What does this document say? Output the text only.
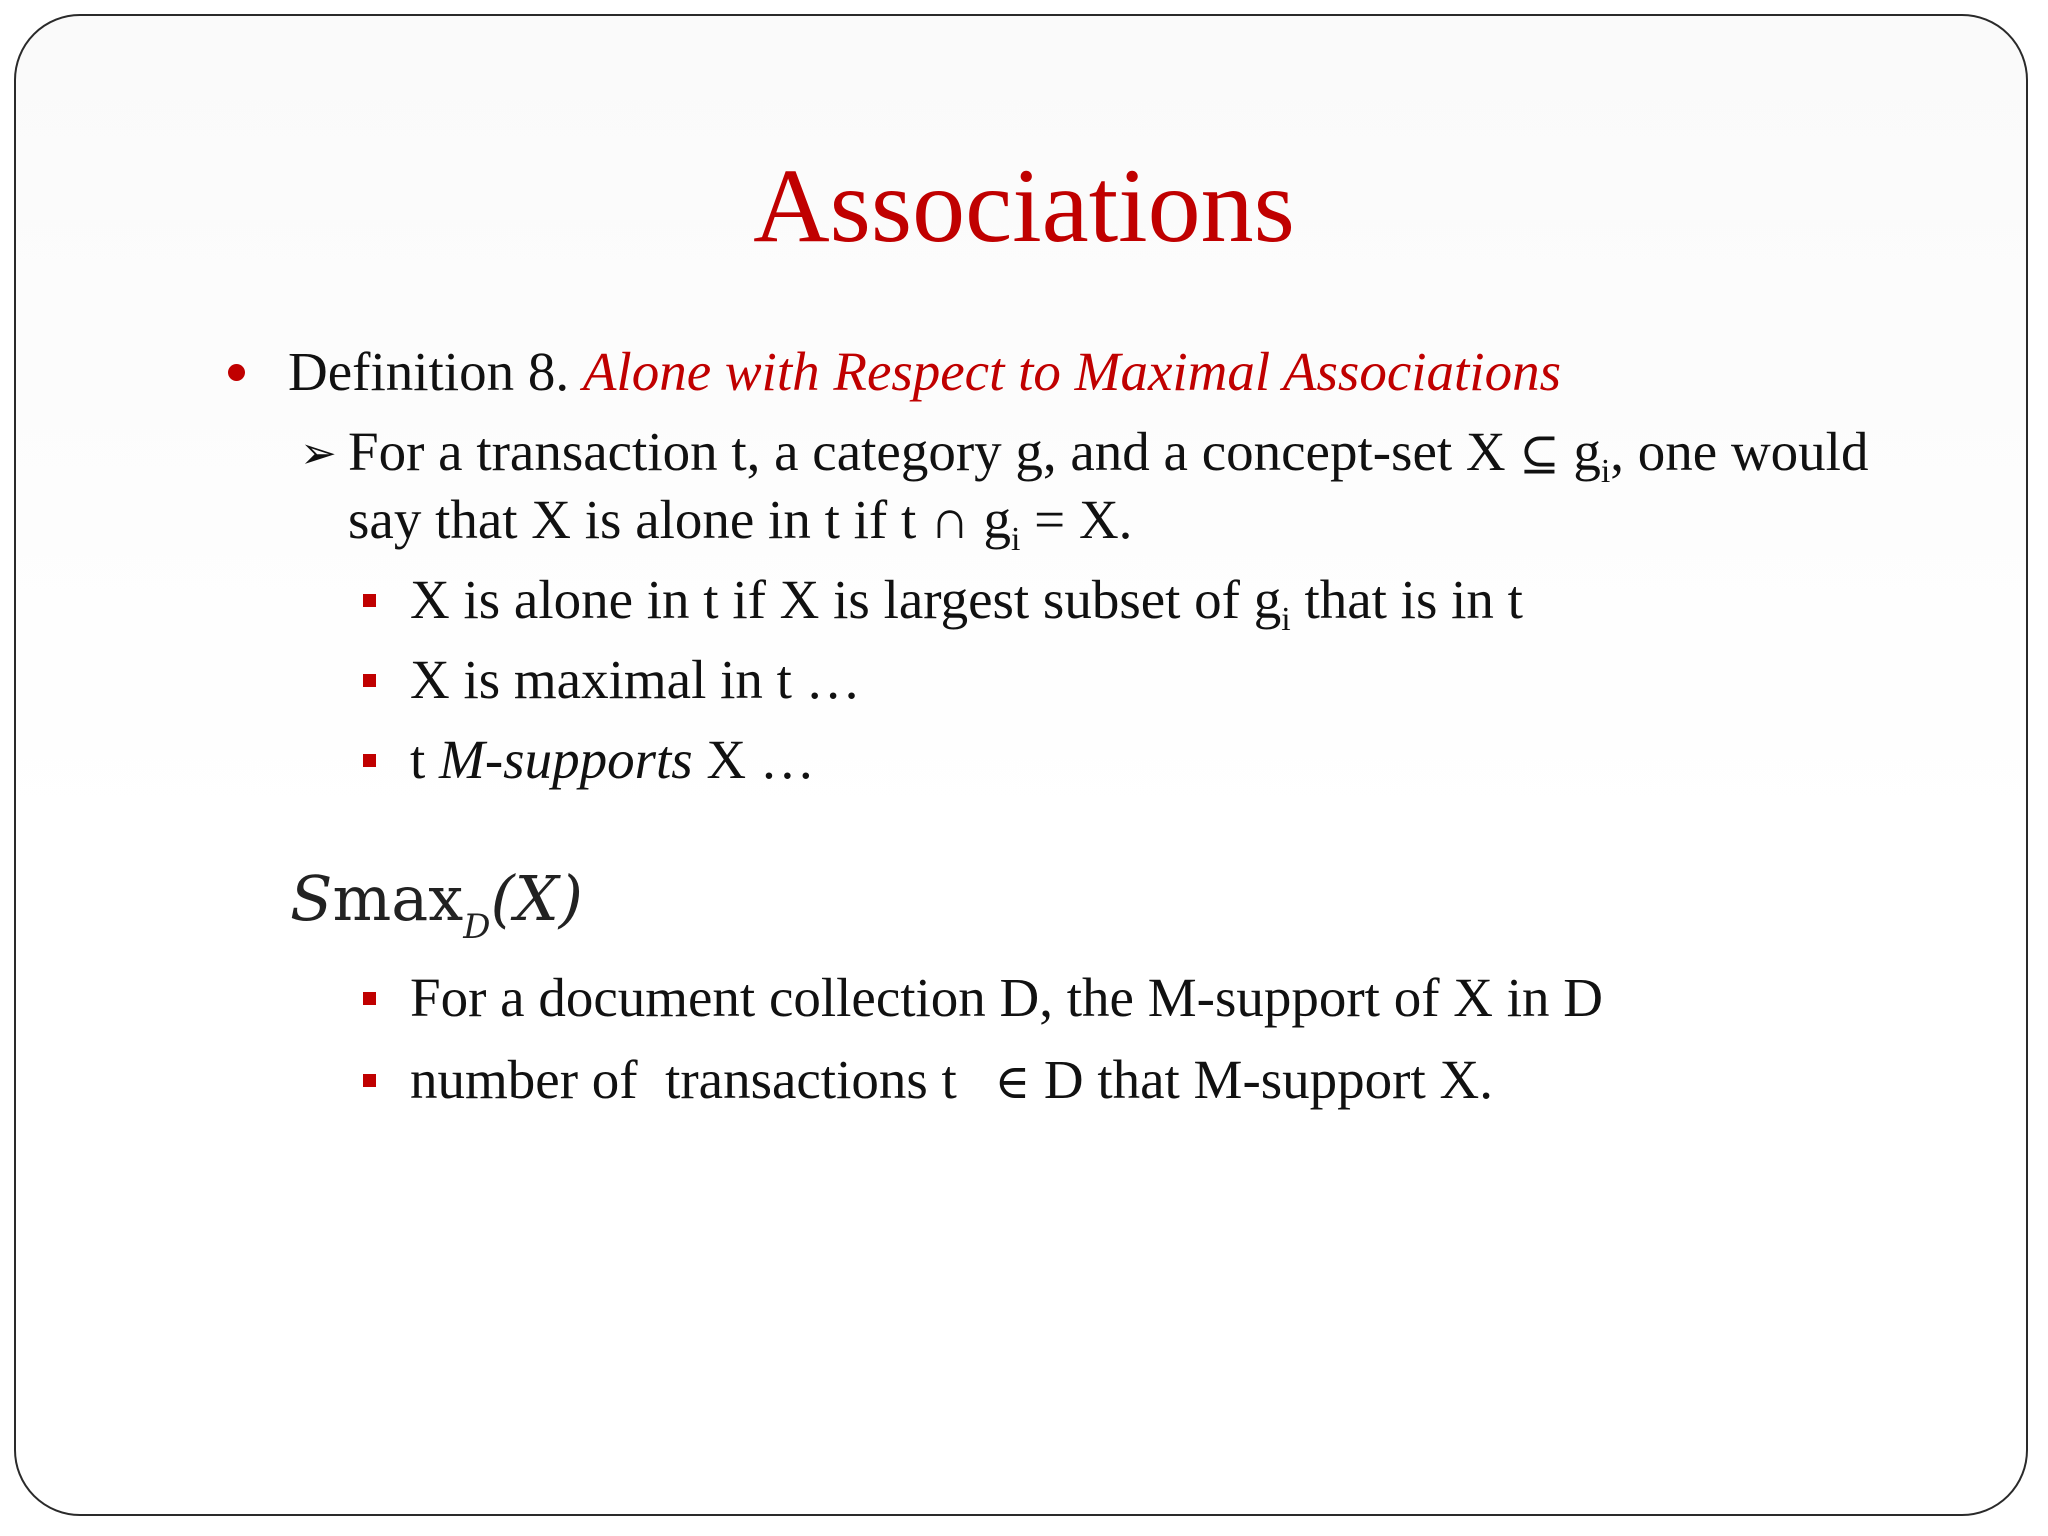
Associations
Definition 8. Alone with Respect to Maximal Associations
➢ For a transaction t, a category g, and a concept-set X ⊆ $g_i$, one would
say that X is alone in t if t ∩ $g_i = X$.
X is alone in t if X is largest subset of $g_i$ that is in t
X is maximal in t …
t M-supports X …
Smax$_D$(X)
For a document collection D, the M-support of X in D
number of  transactions t ∈ D that M-support X.
